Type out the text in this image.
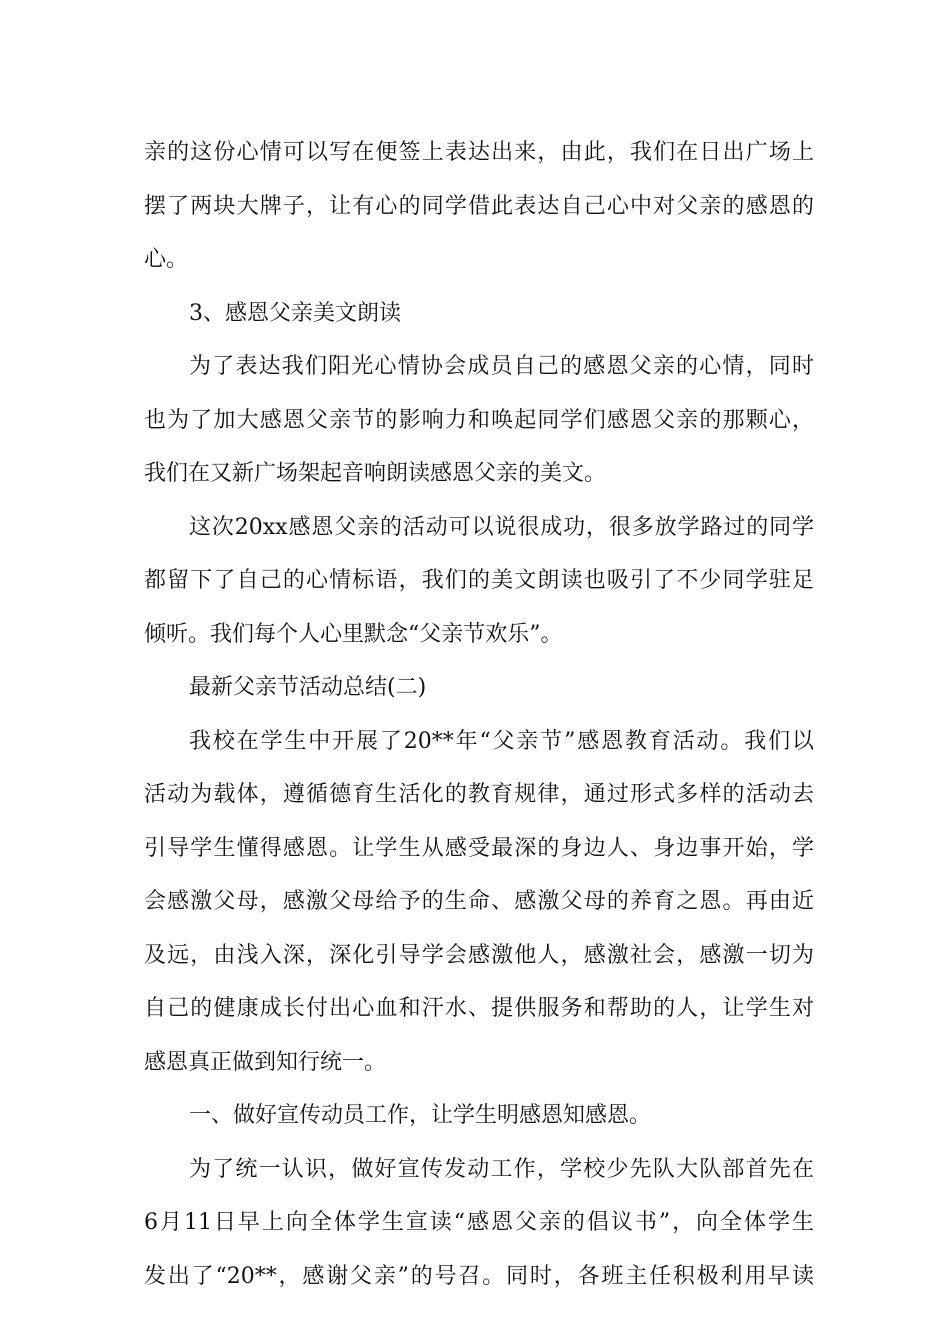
亲的这份心情可以写在便签上表达出来，由此，我们在日出广场上
摆了两块大牌子，让有心的同学借此表达自己心中对父亲的感恩的
心。
3、感恩父亲美文朗读
为了表达我们阳光心情协会成员自己的感恩父亲的心情，同时
也为了加大感恩父亲节的影响力和唤起同学们感恩父亲的那颗心，
我们在又新广场架起音响朗读感恩父亲的美文。
这次20xx感恩父亲的活动可以说很成功，很多放学路过的同学
都留下了自己的心情标语，我们的美文朗读也吸引了不少同学驻足
倾听。我们每个人心里默念“父亲节欢乐”。
最新父亲节活动总结(二)
我校在学生中开展了20**年“父亲节”感恩教育活动。我们以
活动为载体，遵循德育生活化的教育规律，通过形式多样的活动去
引导学生懂得感恩。让学生从感受最深的身边人、身边事开始，学
会感激父母，感激父母给予的生命、感激父母的养育之恩。再由近
及远，由浅入深，深化引导学会感激他人，感激社会，感激一切为
自己的健康成长付出心血和汗水、提供服务和帮助的人，让学生对
感恩真正做到知行统一。
一、做好宣传动员工作，让学生明感恩知感恩。
为了统一认识，做好宣传发动工作，学校少先队大队部首先在
6月11日早上向全体学生宣读“感恩父亲的倡议书”，向全体学生
发出了“20**，感谢父亲”的号召。同时，各班主任积极利用早读
